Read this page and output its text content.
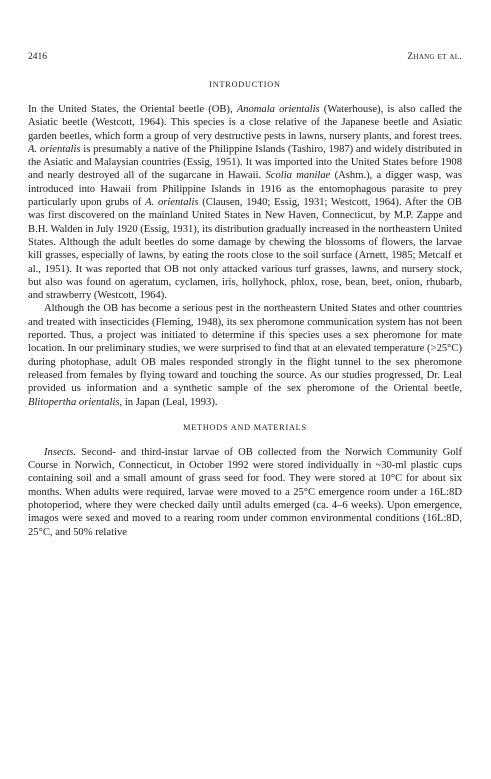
2416	Zhang et al.
INTRODUCTION

In the United States, the Oriental beetle (OB), Anomala orientalis (Waterhouse), is also called the Asiatic beetle (Westcott, 1964). This species is a close relative of the Japanese beetle and Asiatic garden beetles, which form a group of very destructive pests in lawns, nursery plants, and forest trees. A. orientalis is presumably a native of the Philippine Islands (Tashiro, 1987) and widely distributed in the Asiatic and Malaysian countries (Essig, 1951). It was imported into the United States before 1908 and nearly destroyed all of the sugarcane in Hawaii. Scolia manilae (Ashm.), a digger wasp, was introduced into Hawaii from Philippine Islands in 1916 as the entomophagous parasite to prey particularly upon grubs of A. orientalis (Clausen, 1940; Essig, 1931; Westcott, 1964). After the OB was first discovered on the mainland United States in New Haven, Connecticut, by M.P. Zappe and B.H. Walden in July 1920 (Essig, 1931), its distribution gradually increased in the northeastern United States. Although the adult beetles do some damage by chewing the blossoms of flowers, the larvae kill grasses, especially of lawns, by eating the roots close to the soil surface (Arnett, 1985; Metcalf et al., 1951). It was reported that OB not only attacked various turf grasses, lawns, and nursery stock, but also was found on ageratum, cyclamen, iris, hollyhock, phlox, rose, bean, beet, onion, rhubarb, and strawberry (Westcott, 1964).

Although the OB has become a serious pest in the northeastern United States and other countries and treated with insecticides (Fleming, 1948), its sex pheromone communication system has not been reported. Thus, a project was initiated to determine if this species uses a sex pheromone for mate location. In our preliminary studies, we were surprised to find that at an elevated temperature (>25°C) during photophase, adult OB males responded strongly in the flight tunnel to the sex pheromone released from females by flying toward and touching the source. As our studies progressed, Dr. Leal provided us information and a synthetic sample of the sex pheromone of the Oriental beetle, Blitopertha orientalis, in Japan (Leal, 1993).

METHODS AND MATERIALS

Insects. Second- and third-instar larvae of OB collected from the Norwich Community Golf Course in Norwich, Connecticut, in October 1992 were stored individually in ~30-ml plastic cups containing soil and a small amount of grass seed for food. They were stored at 10°C for about six months. When adults were required, larvae were moved to a 25°C emergence room under a 16L:8D photoperiod, where they were checked daily until adults emerged (ca. 4–6 weeks). Upon emergence, imagos were sexed and moved to a rearing room under common environmental conditions (16L:8D, 25°C, and 50% relative
